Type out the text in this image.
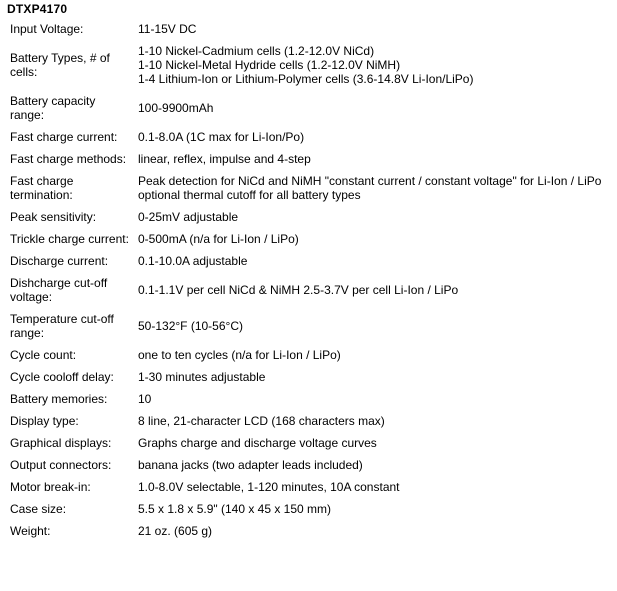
DTXP4170
Input Voltage:	11-15V DC

Battery Types, # of cells:	1-10 Nickel-Cadmium cells (1.2-12.0V NiCd)
1-10 Nickel-Metal Hydride cells (1.2-12.0V NiMH)
1-4 Lithium-Ion or Lithium-Polymer cells (3.6-14.8V Li-Ion/LiPo)

Battery capacity range:	100-9900mAh

Fast charge current:	0.1-8.0A (1C max for Li-Ion/Po)

Fast charge methods:	linear, reflex, impulse and 4-step

Fast charge termination:	Peak detection for NiCd and NiMH "constant current / constant voltage" for Li-Ion / LiPo optional thermal cutoff for all battery types

Peak sensitivity:	0-25mV adjustable

Trickle charge current:	0-500mA (n/a for Li-Ion / LiPo)

Discharge current:	0.1-10.0A adjustable

Dishcharge cut-off voltage:	0.1-1.1V per cell NiCd & NiMH 2.5-3.7V per cell Li-Ion / LiPo

Temperature cut-off range:	50-132°F (10-56°C)

Cycle count:	one to ten cycles (n/a for Li-Ion / LiPo)

Cycle cooloff delay:	1-30 minutes adjustable

Battery memories:	10

Display type:	8 line, 21-character LCD (168 characters max)

Graphical displays:	Graphs charge and discharge voltage curves

Output connectors:	banana jacks (two adapter leads included)

Motor break-in:	1.0-8.0V selectable, 1-120 minutes, 10A constant

Case size:	5.5 x 1.8 x 5.9" (140 x 45 x 150 mm)

Weight:	21 oz. (605 g)
